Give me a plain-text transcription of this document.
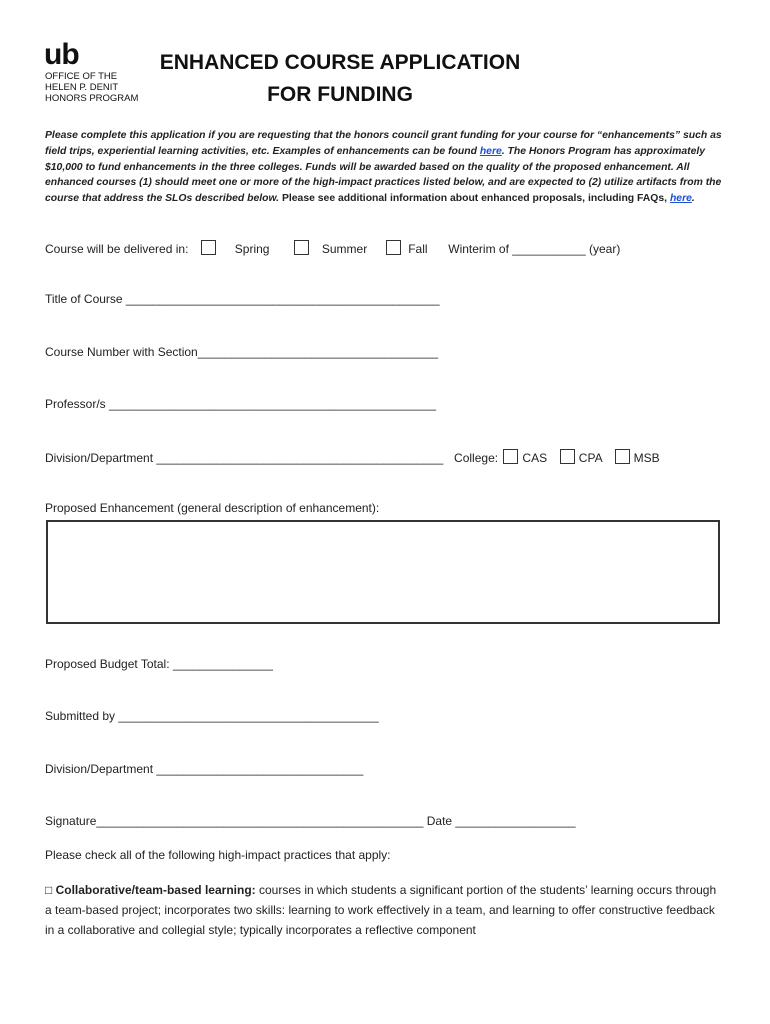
ub
OFFICE OF THE
HELEN P. DENIT
HONORS PROGRAM
ENHANCED COURSE APPLICATION
FOR FUNDING
Please complete this application if you are requesting that the honors council grant funding for your course for “enhancements” such as field trips, experiential learning activities, etc. Examples of enhancements can be found here. The Honors Program has approximately $10,000 to fund enhancements in the three colleges. Funds will be awarded based on the quality of the proposed enhancement. All enhanced courses (1) should meet one or more of the high-impact practices listed below, and are expected to (2) utilize artifacts from the course that address the SLOs described below. Please see additional information about enhanced proposals, including FAQs, here.
Course will be delivered in:	Spring	Summer	Fall Winterim of ___________ (year)
Title of Course _______________________________________________
Course Number with Section____________________________________
Professor/s _________________________________________________
Division/Department ___________________________________________ College: CAS	CPA	MSB
Proposed Enhancement (general description of enhancement):
Proposed Budget Total: _______________
Submitted by _______________________________________
Division/Department _______________________________
Signature_________________________________________________ Date __________________
Please check all of the following high-impact practices that apply:
□ Collaborative/team-based learning: courses in which students a significant portion of the students’ learning occurs through a team-based project; incorporates two skills: learning to work effectively in a team, and learning to offer constructive feedback in a collaborative and collegial style; typically incorporates a reflective component
